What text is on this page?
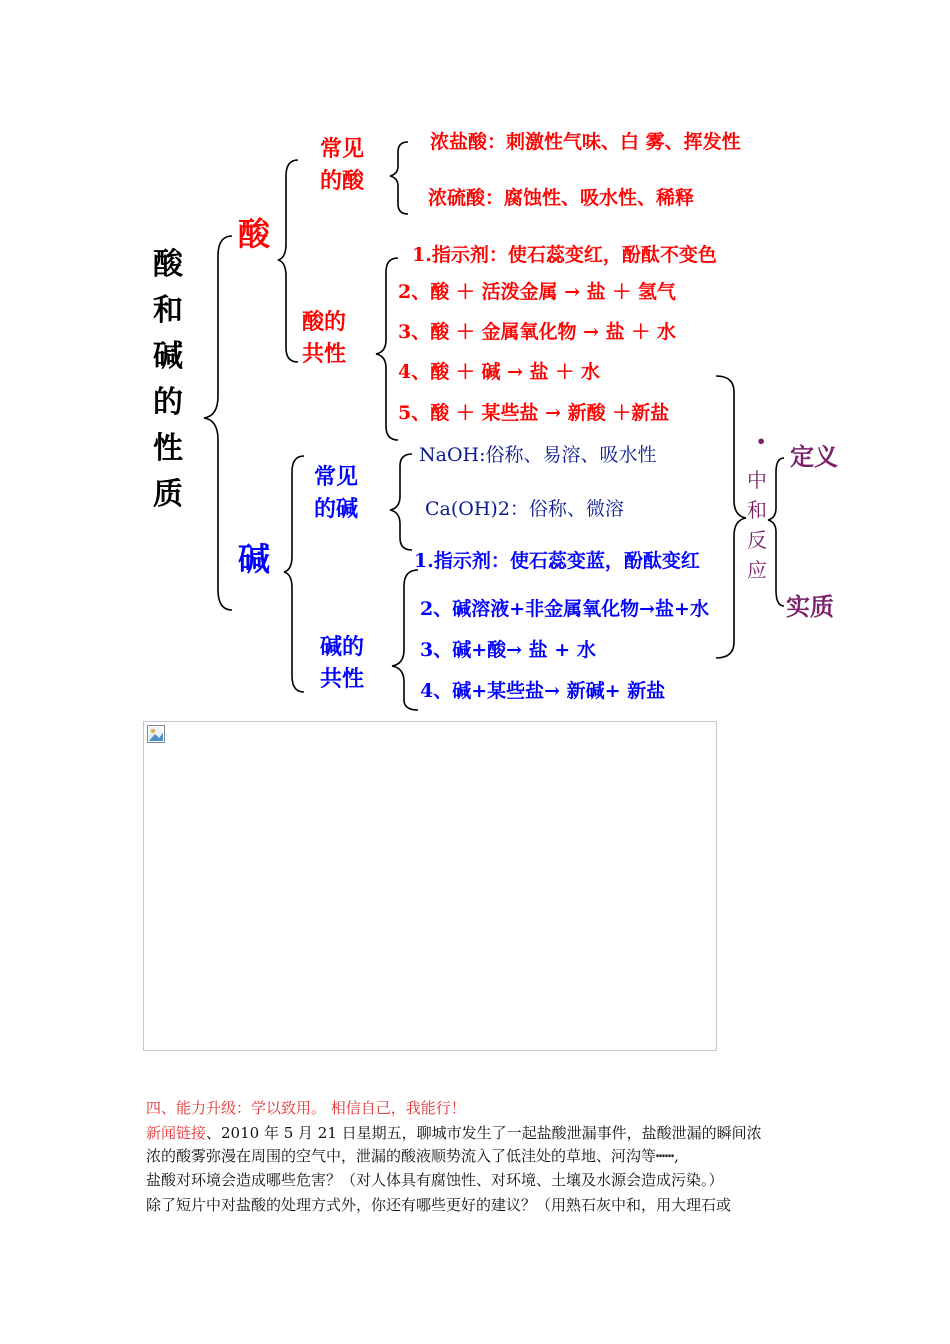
酸
和
碱
的
性
质
酸
常见
的酸
浓盐酸：刺激性气味、白 雾、挥发性
浓硫酸：腐蚀性、吸水性、稀释
酸的
共性
1.指示剂：使石蕊变红，酚酞不变色
2、酸 ＋ 活泼金属 → 盐 ＋ 氢气
3、酸 ＋ 金属氧化物 → 盐 ＋ 水
4、酸 ＋ 碱 → 盐 ＋ 水
5、酸 ＋ 某些盐 → 新酸 ＋新盐
碱
常见
的碱
NaOH:俗称、易溶、吸水性
Ca(OH)2：俗称、微溶
碱的
共性
1.指示剂：使石蕊变蓝，酚酞变红
2、碱溶液+非金属氧化物→盐+水
3、碱+酸→ 盐 + 水
4、碱+某些盐→ 新碱+ 新盐
•
中
和
反
应
定义
实质
四、能力升级：学以致用。 相信自己，我能行！
新闻链接、2010 年 5 月 21 日星期五，聊城市发生了一起盐酸泄漏事件，盐酸泄漏的瞬间浓
浓的酸雾弥漫在周围的空气中，泄漏的酸液顺势流入了低洼处的草地、河沟等┅┅,
盐酸对环境会造成哪些危害？（对人体具有腐蚀性、对环境、土壤及水源会造成污染。）
除了短片中对盐酸的处理方式外，你还有哪些更好的建议？（用熟石灰中和，用大理石或
